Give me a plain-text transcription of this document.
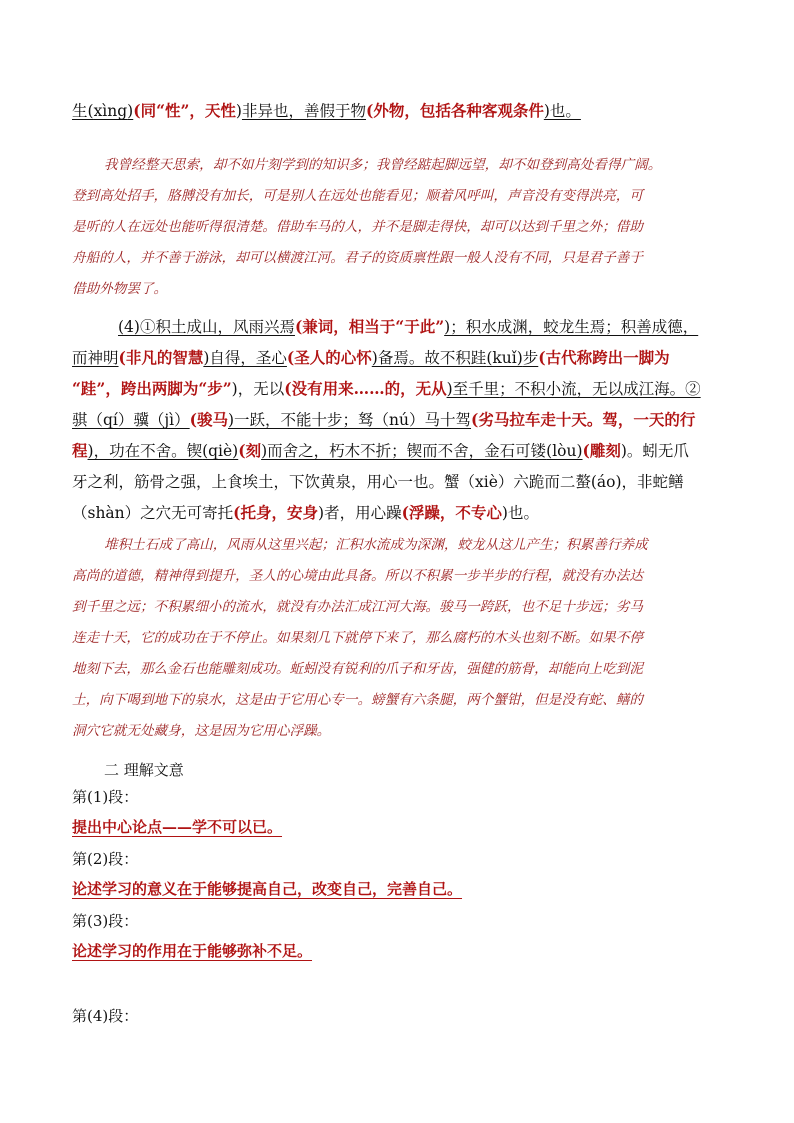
生(xìng)(同“性”，天性)非异也，善假于物(外物，包括各种客观条件)也。
我曾经整天思索，却不如片刻学到的知识多；我曾经踮起脚远望，却不如登到高处看得广阔。
登到高处招手，胳膊没有加长，可是别人在远处也能看见；顺着风呼叫，声音没有变得洪亮，可
是听的人在远处也能听得很清楚。借助车马的人，并不是脚走得快，却可以达到千里之外；借助
舟船的人，并不善于游泳，却可以横渡江河。君子的资质禀性跟一般人没有不同，只是君子善于
借助外物罢了。
(4)①积土成山，风雨兴焉(兼词，相当于“于此”)；积水成渊，蛟龙生焉；积善成德，
而神明(非凡的智慧)自得，圣心(圣人的心怀)备焉。故不积跬(kuǐ)步(古代称跨出一脚为
“跬”，跨出两脚为“步”)，无以(没有用来……的，无从)至千里；不积小流，无以成江海。②
骐（qí）骥（jì）(骏马)一跃，不能十步；驽（nú）马十驾(劣马拉车走十天。驾，一天的行
程)，功在不舍。锲(qiè)(刻)而舍之，朽木不折；锲而不舍，金石可镂(lòu)(雕刻)。蚓无爪
牙之利，筋骨之强，上食埃土，下饮黄泉，用心一也。蟹（xiè）六跪而二螯(áo)，非蛇鳝
（shàn）之穴无可寄托(托身，安身)者，用心躁(浮躁，不专心)也。
堆积土石成了高山，风雨从这里兴起；汇积水流成为深渊，蛟龙从这儿产生；积累善行养成
高尚的道德，精神得到提升，圣人的心境由此具备。所以不积累一步半步的行程，就没有办法达
到千里之远；不积累细小的流水，就没有办法汇成江河大海。骏马一跨跃，也不足十步远；劣马
连走十天，它的成功在于不停止。如果刻几下就停下来了，那么腐朽的木头也刻不断。如果不停
地刻下去，那么金石也能雕刻成功。蚯蚓没有锐利的爪子和牙齿，强健的筋骨，却能向上吃到泥
土，向下喝到地下的泉水，这是由于它用心专一。螃蟹有六条腿，两个蟹钳，但是没有蛇、鳝的
洞穴它就无处藏身，这是因为它用心浮躁。
二 理解文意
第(1)段：
提出中心论点——学不可以已。
第(2)段：
论述学习的意义在于能够提高自己，改变自己，完善自己。
第(3)段：
论述学习的作用在于能够弥补不足。
第(4)段：
